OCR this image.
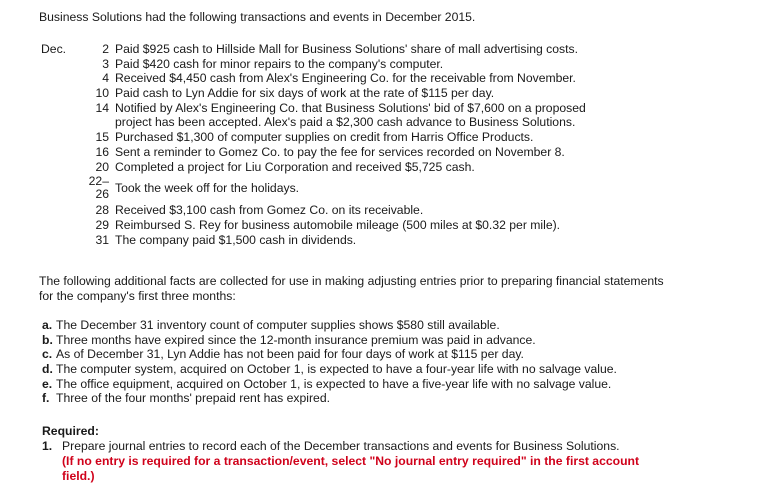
Business Solutions had the following transactions and events in December 2015.
Dec.	2 Paid $925 cash to Hillside Mall for Business Solutions' share of mall advertising costs.
3 Paid $420 cash for minor repairs to the company's computer.
4 Received $4,450 cash from Alex's Engineering Co. for the receivable from November.
10 Paid cash to Lyn Addie for six days of work at the rate of $115 per day.
14 Notified by Alex's Engineering Co. that Business Solutions' bid of $7,600 on a proposed
project has been accepted. Alex's paid a $2,300 cash advance to Business Solutions.
15 Purchased $1,300 of computer supplies on credit from Harris Office Products.
16 Sent a reminder to Gomez Co. to pay the fee for services recorded on November 8.
20 Completed a project for Liu Corporation and received $5,725 cash.
22–
26 Took the week off for the holidays.
28 Received $3,100 cash from Gomez Co. on its receivable.
29 Reimbursed S. Rey for business automobile mileage (500 miles at $0.32 per mile).
31 The company paid $1,500 cash in dividends.
The following additional facts are collected for use in making adjusting entries prior to preparing financial statements for the company's first three months:
a. The December 31 inventory count of computer supplies shows $580 still available.
b. Three months have expired since the 12-month insurance premium was paid in advance.
c. As of December 31, Lyn Addie has not been paid for four days of work at $115 per day.
d. The computer system, acquired on October 1, is expected to have a four-year life with no salvage value.
e. The office equipment, acquired on October 1, is expected to have a five-year life with no salvage value.
f. Three of the four months' prepaid rent has expired.
Required:
1. Prepare journal entries to record each of the December transactions and events for Business Solutions.
(If no entry is required for a transaction/event, select "No journal entry required" in the first account field.)
